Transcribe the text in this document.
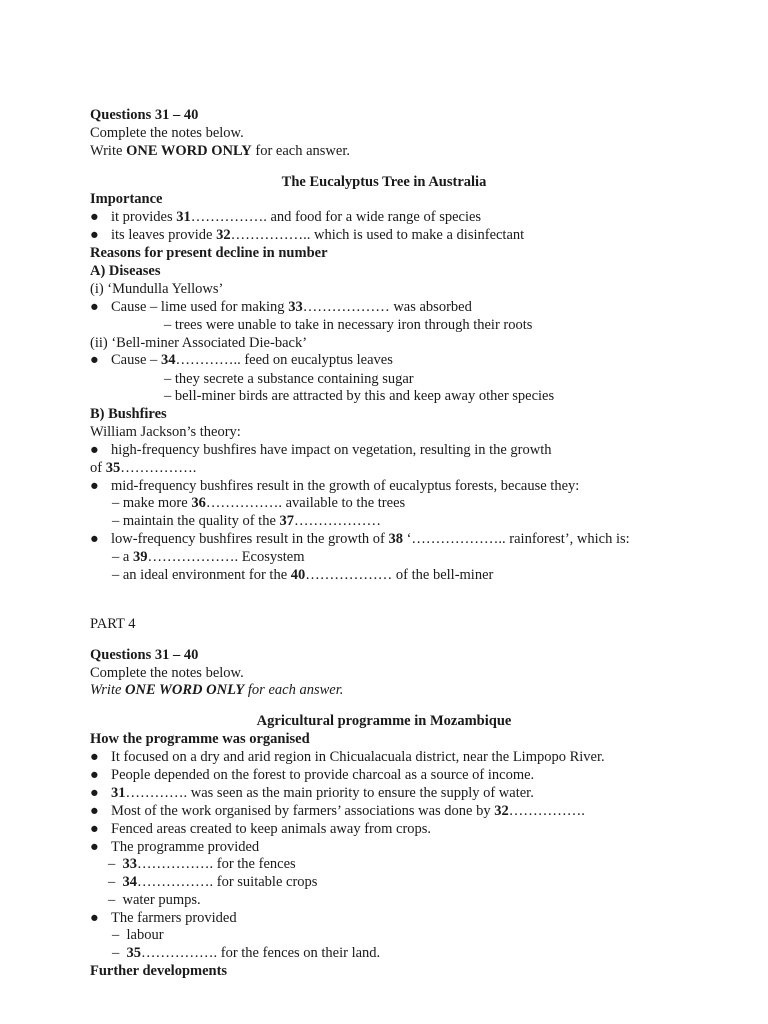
Questions 31 – 40
Complete the notes below.
Write ONE WORD ONLY for each answer.
The Eucalyptus Tree in Australia
Importance
● it provides 31……………. and food for a wide range of species
● its leaves provide 32…………….. which is used to make a disinfectant
Reasons for present decline in number
A) Diseases
(i) ‘Mundulla Yellows’
● Cause – lime used for making 33……………… was absorbed
– trees were unable to take in necessary iron through their roots
(ii) ‘Bell-miner Associated Die-back’
● Cause – 34………….. feed on eucalyptus leaves
– they secrete a substance containing sugar
– bell-miner birds are attracted by this and keep away other species
B) Bushfires
William Jackson’s theory:
● high-frequency bushfires have impact on vegetation, resulting in the growth
of 35…………….
● mid-frequency bushfires result in the growth of eucalyptus forests, because they:
– make more 36……………. available to the trees
– maintain the quality of the 37………………
● low-frequency bushfires result in the growth of 38 ‘……………….. rainforest’, which is:
– a 39………………. Ecosystem
– an ideal environment for the 40……………… of the bell-miner
PART 4
Questions 31 – 40
Complete the notes below.
Write ONE WORD ONLY for each answer.
Agricultural programme in Mozambique
How the programme was organised
● It focused on a dry and arid region in Chicualacuala district, near the Limpopo River.
● People depended on the forest to provide charcoal as a source of income.
● 31…………. was seen as the main priority to ensure the supply of water.
● Most of the work organised by farmers’ associations was done by 32…………….
● Fenced areas created to keep animals away from crops.
● The programme provided
– 33……………. for the fences
– 34……………. for suitable crops
– water pumps.
● The farmers provided
– labour
– 35……………. for the fences on their land.
Further developments
